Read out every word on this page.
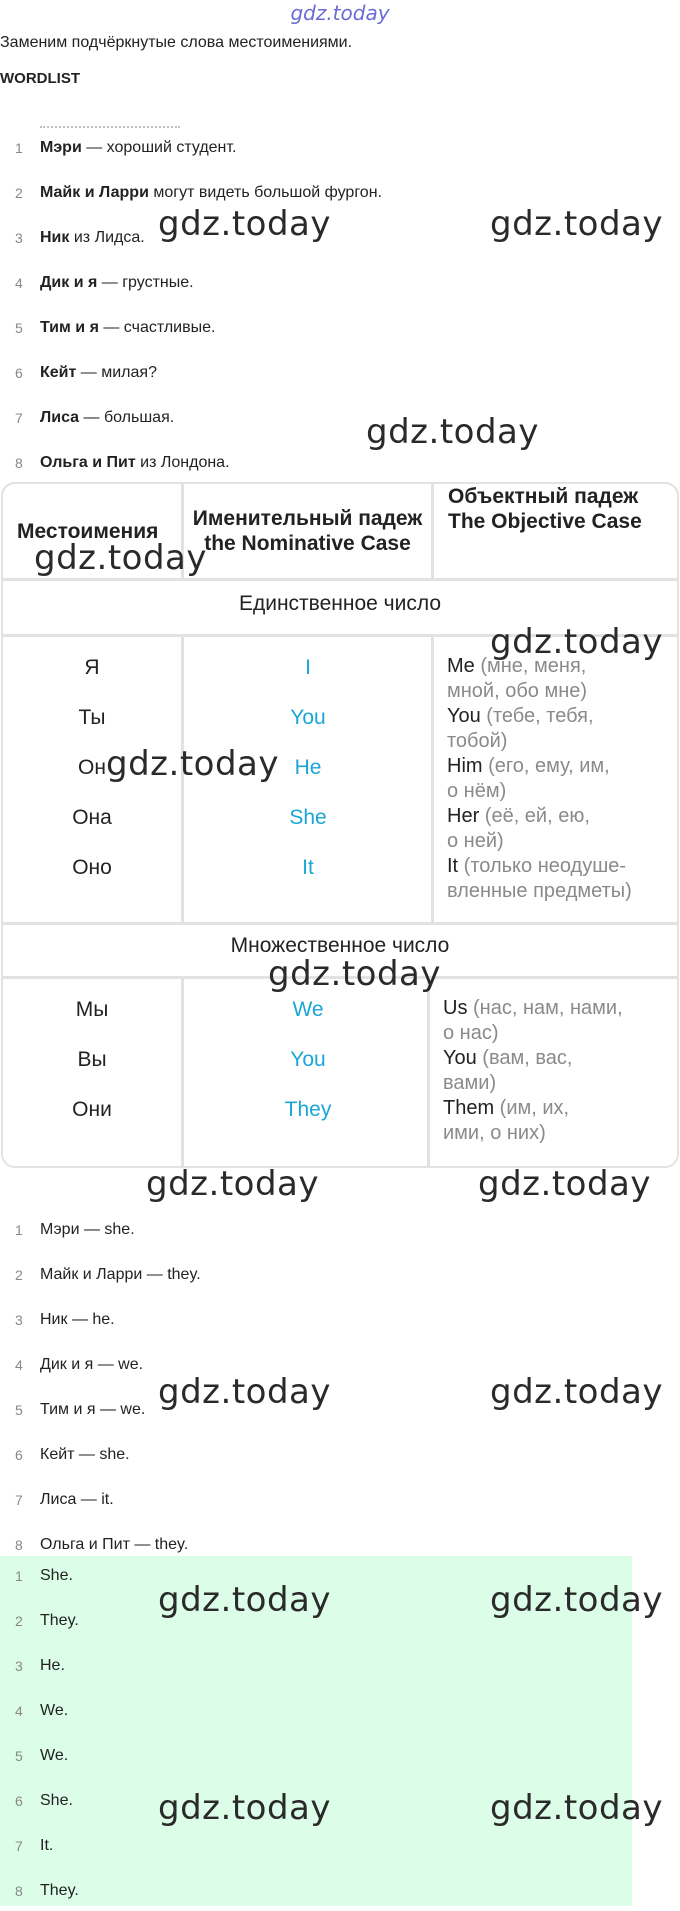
gdz.today
Заменим подчёркнутые слова местоимениями.
WORDLIST
1	Мэри — хороший студент.
2	Майк и Ларри могут видеть большой фургон.
3	Ник из Лидса.
4	Дик и я — грустные.
5	Тим и я — счастливые.
6	Кейт — милая?
7	Лиса — большая.
8	Ольга и Пит из Лондона.
Местоимения
Именительный падеж
the Nominative Case
Объектный падеж
The Objective Case
Единственное число
Я	I	Me (мне, меня,
мной, обо мне)
Ты	You	You (тебе, тебя,
тобой)
Он	He	Him (его, ему, им,
о нём)
Она	She	Her (её, ей, ею,
о ней)
Оно	It	It (только неодуше-
вленные предметы)
Множественное число
Мы	We	Us (нас, нам, нами,
о нас)
Вы	You	You (вам, вас,
вами)
Они	They	Them (им, их,
ими, о них)
1	Мэри — she.
2	Майк и Ларри — they.
3	Ник — he.
4	Дик и я — we.
5	Тим и я — we.
6	Кейт — she.
7	Лиса — it.
8	Ольга и Пит — they.
1	She.
2	They.
3	He.
4	We.
5	We.
6	She.
7	It.
8	They.
gdz.today	gdz.today
gdz.today
gdz.today
gdz.today
gdz.today
gdz.today
gdz.today	gdz.today
gdz.today	gdz.today
gdz.today	gdz.today
gdz.today	gdz.today
